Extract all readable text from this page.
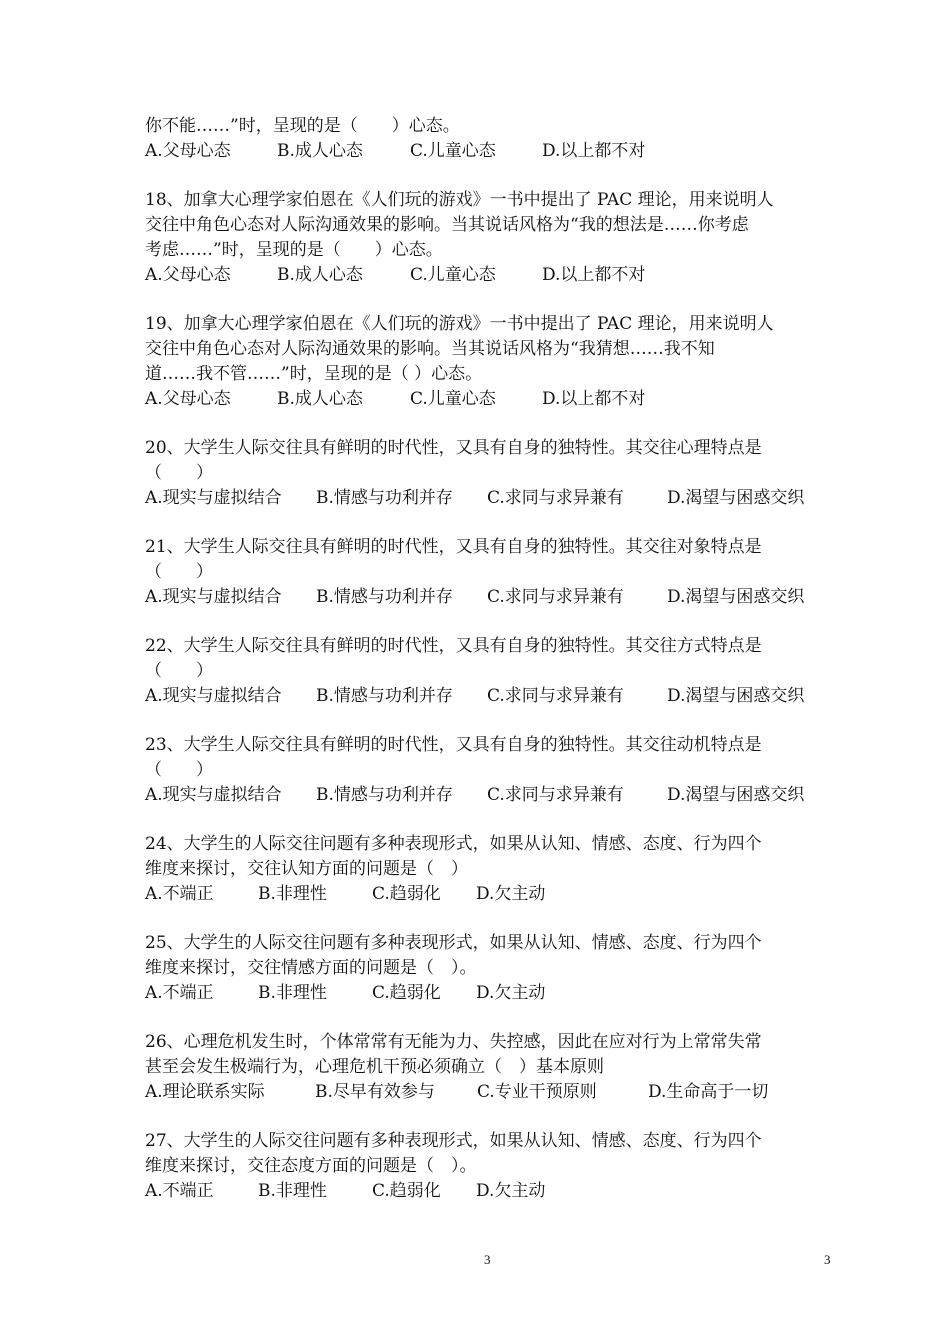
你不能……”时，呈现的是（　　）心态。
A.父母心态	B.成人心态	C.儿童心态	D.以上都不对
18、加拿大心理学家伯恩在《人们玩的游戏》一书中提出了 PAC 理论，用来说明人
交往中角色心态对人际沟通效果的影响。当其说话风格为“我的想法是……你考虑
考虑……”时，呈现的是（　　）心态。
A.父母心态	B.成人心态	C.儿童心态	D.以上都不对
19、加拿大心理学家伯恩在《人们玩的游戏》一书中提出了 PAC 理论，用来说明人
交往中角色心态对人际沟通效果的影响。当其说话风格为“我猜想……我不知
道……我不管……”时，呈现的是（ ）心态。
A.父母心态	B.成人心态	C.儿童心态	D.以上都不对
20、大学生人际交往具有鲜明的时代性，又具有自身的独特性。其交往心理特点是
（　　）
A.现实与虚拟结合	B.情感与功利并存	C.求同与求异兼有	D.渴望与困惑交织
21、大学生人际交往具有鲜明的时代性，又具有自身的独特性。其交往对象特点是
（　　）
A.现实与虚拟结合	B.情感与功利并存	C.求同与求异兼有	D.渴望与困惑交织
22、大学生人际交往具有鲜明的时代性，又具有自身的独特性。其交往方式特点是
（　　）
A.现实与虚拟结合	B.情感与功利并存	C.求同与求异兼有	D.渴望与困惑交织
23、大学生人际交往具有鲜明的时代性，又具有自身的独特性。其交往动机特点是
（　　）
A.现实与虚拟结合	B.情感与功利并存	C.求同与求异兼有	D.渴望与困惑交织
24、大学生的人际交往问题有多种表现形式，如果从认知、情感、态度、行为四个
维度来探讨，交往认知方面的问题是（　）
A.不端正	B.非理性	C.趋弱化	D.欠主动
25、大学生的人际交往问题有多种表现形式，如果从认知、情感、态度、行为四个
维度来探讨，交往情感方面的问题是（　）。
A.不端正	B.非理性	C.趋弱化	D.欠主动
26、心理危机发生时，个体常常有无能为力、失控感，因此在应对行为上常常失常
甚至会发生极端行为，心理危机干预必须确立（　）基本原则
A.理论联系实际	B.尽早有效参与	C.专业干预原则	D.生命高于一切
27、大学生的人际交往问题有多种表现形式，如果从认知、情感、态度、行为四个
维度来探讨，交往态度方面的问题是（　）。
A.不端正	B.非理性	C.趋弱化	D.欠主动
3	3
